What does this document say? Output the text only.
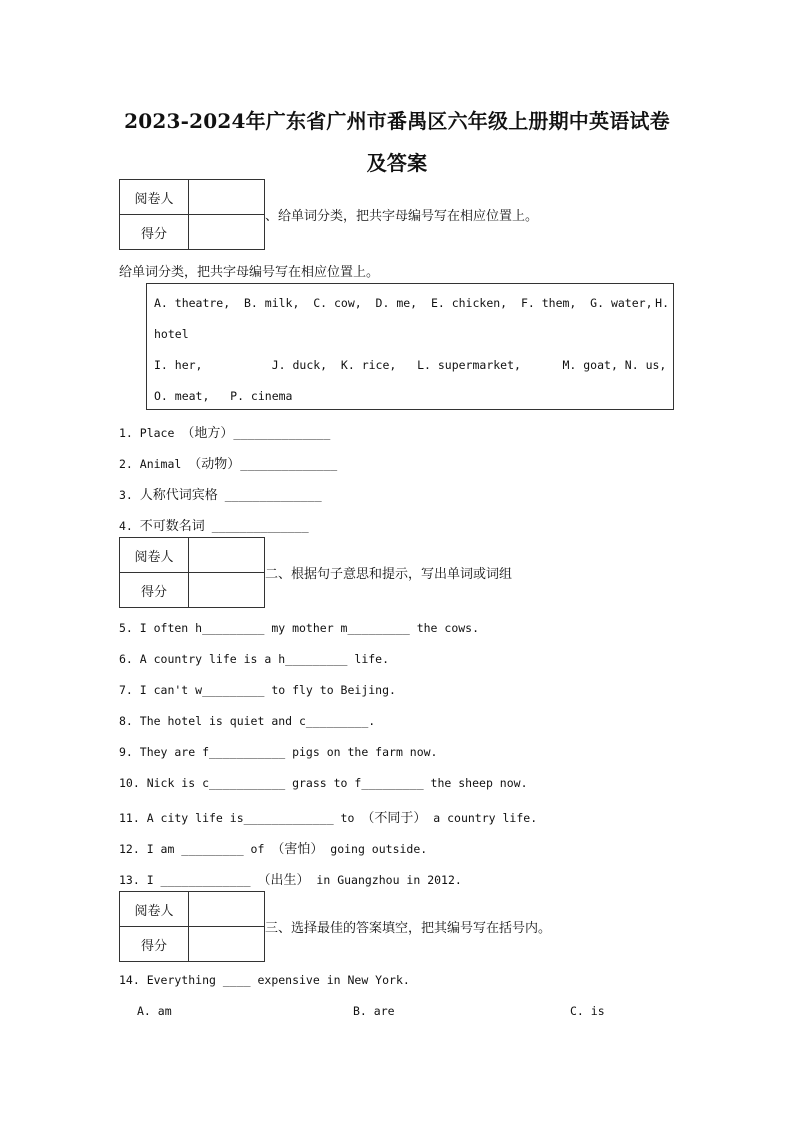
2023-2024年广东省广州市番禺区六年级上册期中英语试卷
及答案
阅卷人	
得分	
、给单词分类，把共字母编号写在相应位置上。
给单词分类，把共字母编号写在相应位置上。
A. theatre,  B. milk,  C. cow,  D. me,  E. chicken,  F. them,  G. water, H.
hotel
I. her,          J. duck,  K. rice,   L. supermarket,      M. goat, N. us,
O. meat,   P. cinema
1. Place （地方）______________
2. Animal （动物）______________
3. 人称代词宾格 ______________
4. 不可数名词 ______________
阅卷人	
得分	
二、根据句子意思和提示，写出单词或词组
5. I often h_________ my mother m_________ the cows.
6. A country life is a h_________ life.
7. I can't w_________ to fly to Beijing.
8. The hotel is quiet and c_________.
9. They are f___________ pigs on the farm now.
10. Nick is c___________ grass to f_________ the sheep now.
11. A city life is_____________ to （不同于） a country life.
12. I am _________ of （害怕） going outside.
13. I _____________ （出生） in Guangzhou in 2012.
阅卷人	
得分	
三、选择最佳的答案填空，把其编号写在括号内。
14. Everything ____ expensive in New York.
A. am	B. are	C. is
